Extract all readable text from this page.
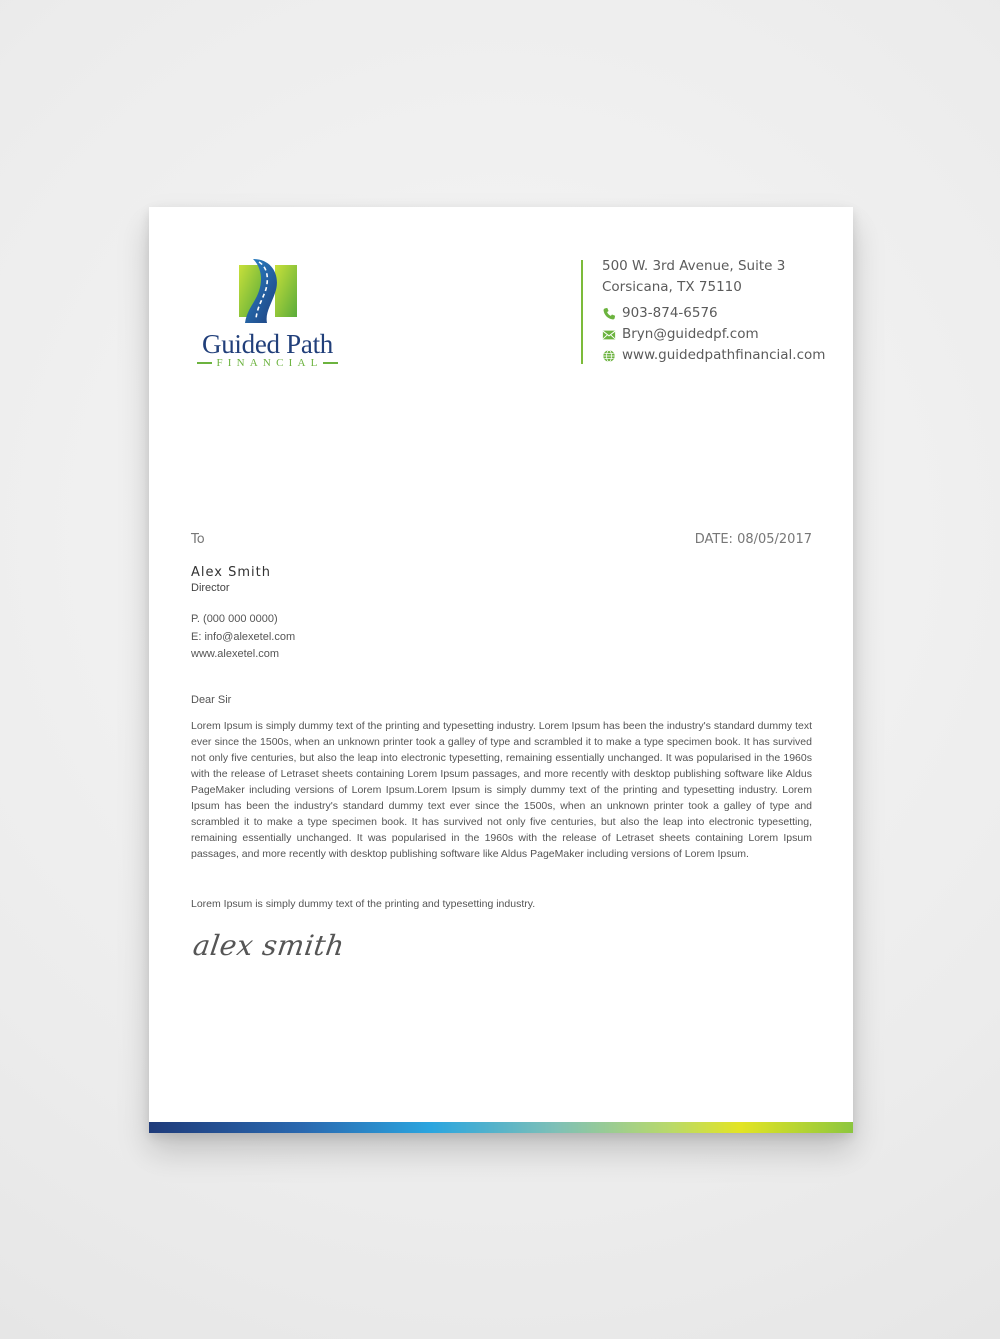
Guided Path
FINANCIAL
500 W. 3rd Avenue, Suite 3
Corsicana, TX 75110
903-874-6576
Bryn@guidedpf.com
www.guidedpathfinancial.com
To	DATE: 08/05/2017
Alex Smith
Director
P. (000 000 0000)
E: info@alexetel.com
www.alexetel.com
Dear Sir
Lorem Ipsum is simply dummy text of the printing and typesetting industry. Lorem Ipsum has been the industry's standard dummy text ever since the 1500s, when an unknown printer took a galley of type and scrambled it to make a type specimen book. It has survived not only five centuries, but also the leap into electronic typesetting, remaining essentially unchanged. It was popularised in the 1960s with the release of Letraset sheets containing Lorem Ipsum passages, and more recently with desktop publishing software like Aldus PageMaker including versions of Lorem Ipsum.Lorem Ipsum is simply dummy text of the printing and typesetting industry. Lorem Ipsum has been the industry's standard dummy text ever since the 1500s, when an unknown printer took a galley of type and scrambled it to make a type specimen book. It has survived not only five centuries, but also the leap into electronic typesetting, remaining essentially unchanged. It was popularised in the 1960s with the release of Letraset sheets containing Lorem Ipsum passages, and more recently with desktop publishing software like Aldus PageMaker including versions of Lorem Ipsum.
Lorem Ipsum is simply dummy text of the printing and typesetting industry.
alex smith
